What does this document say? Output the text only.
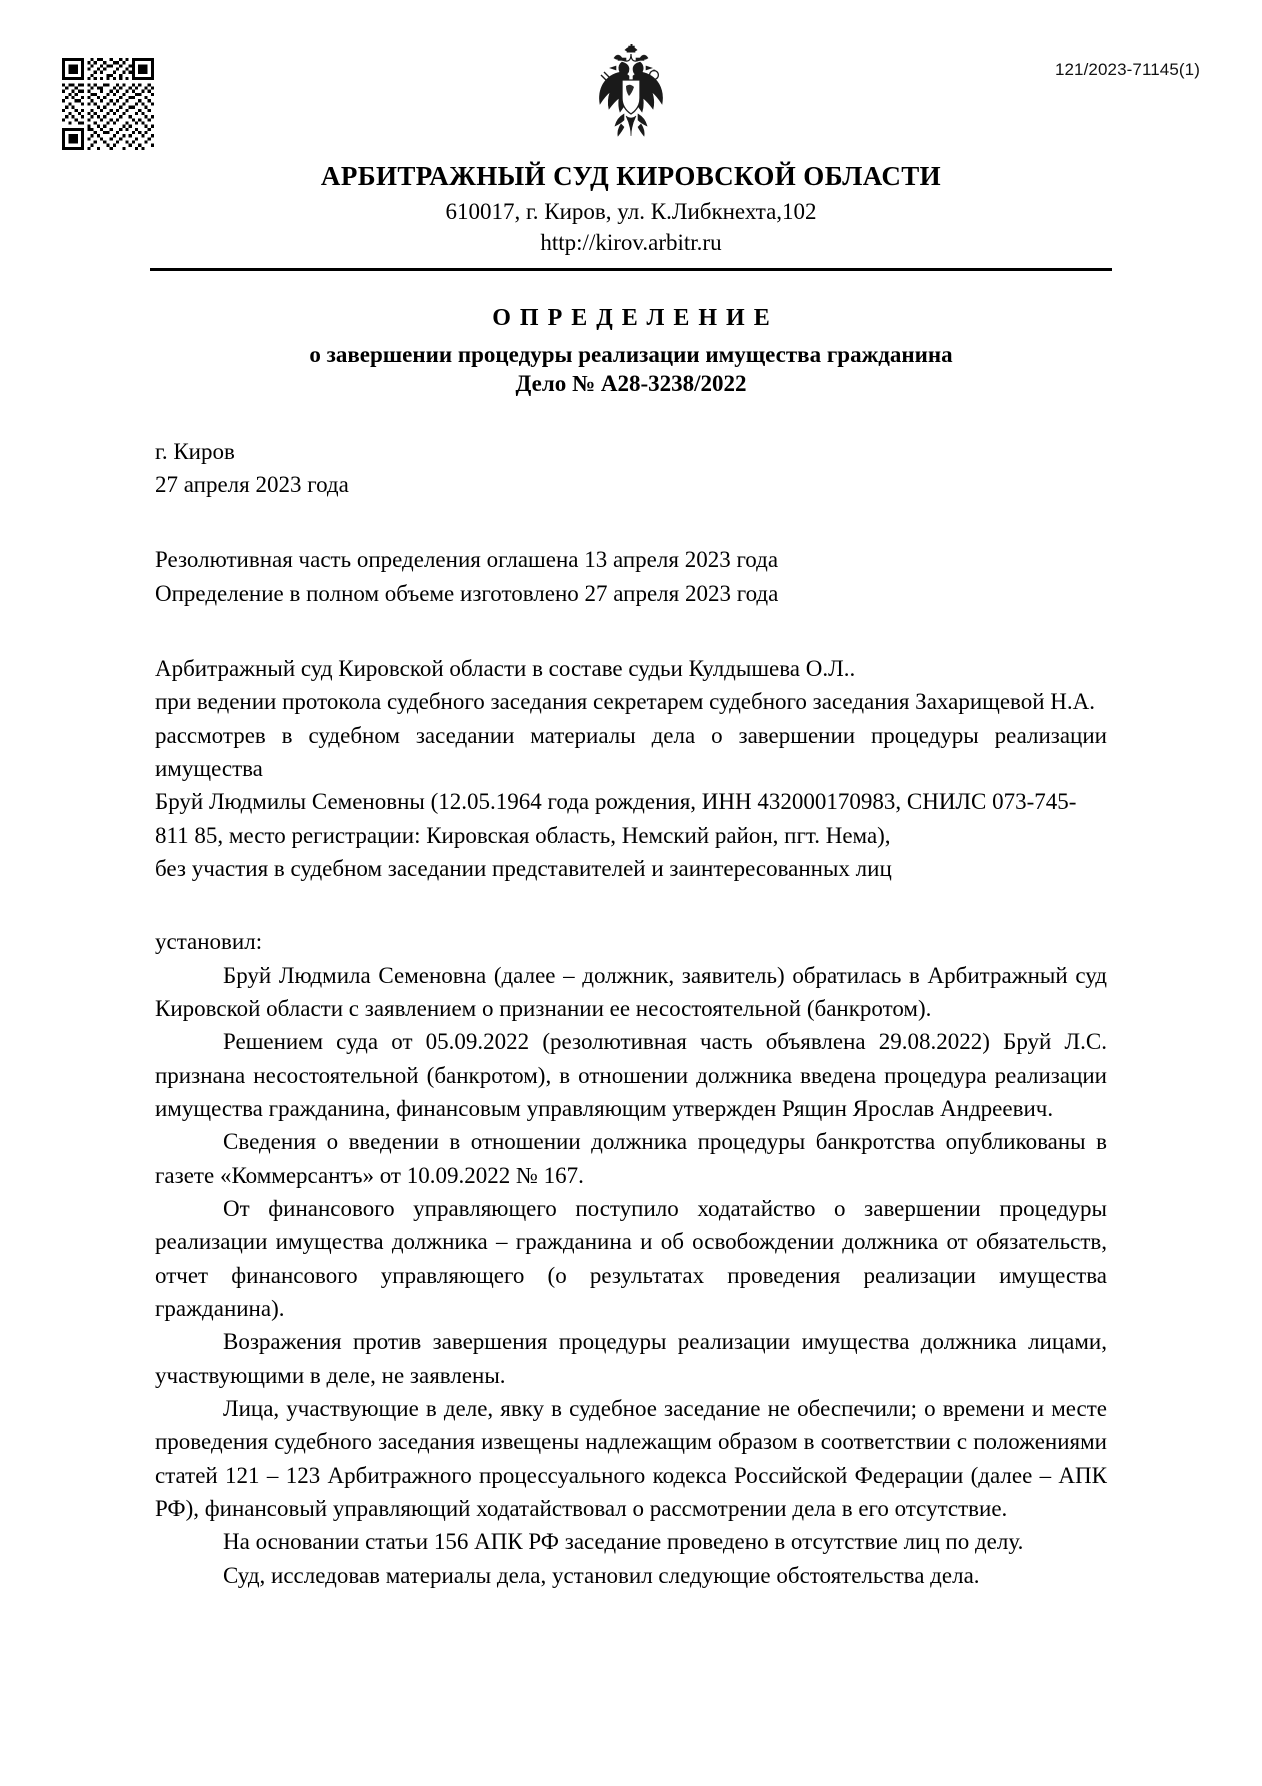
121/2023-71145(1)
АРБИТРАЖНЫЙ СУД КИРОВСКОЙ ОБЛАСТИ
610017, г. Киров, ул. К.Либкнехта,102
http://kirov.arbitr.ru
ОПРЕДЕЛЕНИЕ
о завершении процедуры реализации имущества гражданина
Дело № А28-3238/2022
г. Киров
27 апреля 2023 года
Резолютивная часть определения оглашена 13 апреля 2023 года
Определение в полном объеме изготовлено 27 апреля 2023 года

Арбитражный суд Кировской области в составе судьи Кулдышева О.Л..

при ведении протокола судебного заседания секретарем судебного заседания Захарищевой Н.А.

рассмотрев в судебном заседании материалы дела о завершении процедуры реализации имущества

Бруй Людмилы Семеновны (12.05.1964 года рождения, ИНН 432000170983, СНИЛС 073-745-811 85, место регистрации: Кировская область, Немский район, пгт. Нема),

без участия в судебном заседании представителей и заинтересованных лиц

установил:

Бруй Людмила Семеновна (далее – должник, заявитель) обратилась в Арбитражный суд Кировской области с заявлением о признании ее несостоятельной (банкротом).

Решением суда от 05.09.2022 (резолютивная часть объявлена 29.08.2022) Бруй Л.С. признана несостоятельной (банкротом), в отношении должника введена процедура реализации имущества гражданина, финансовым управляющим утвержден Рящин Ярослав Андреевич.

Сведения о введении в отношении должника процедуры банкротства опубликованы в газете «Коммерсантъ» от 10.09.2022 № 167.

От финансового управляющего поступило ходатайство о завершении процедуры реализации имущества должника – гражданина и об освобождении должника от обязательств, отчет финансового управляющего (о результатах проведения реализации имущества гражданина).

Возражения против завершения процедуры реализации имущества должника лицами, участвующими в деле, не заявлены.

Лица, участвующие в деле, явку в судебное заседание не обеспечили; о времени и месте проведения судебного заседания извещены надлежащим образом в соответствии с положениями статей 121 – 123 Арбитражного процессуального кодекса Российской Федерации (далее – АПК РФ), финансовый управляющий ходатайствовал о рассмотрении дела в его отсутствие.

На основании статьи 156 АПК РФ заседание проведено в отсутствие лиц по делу.

Суд, исследовав материалы дела, установил следующие обстоятельства дела.
